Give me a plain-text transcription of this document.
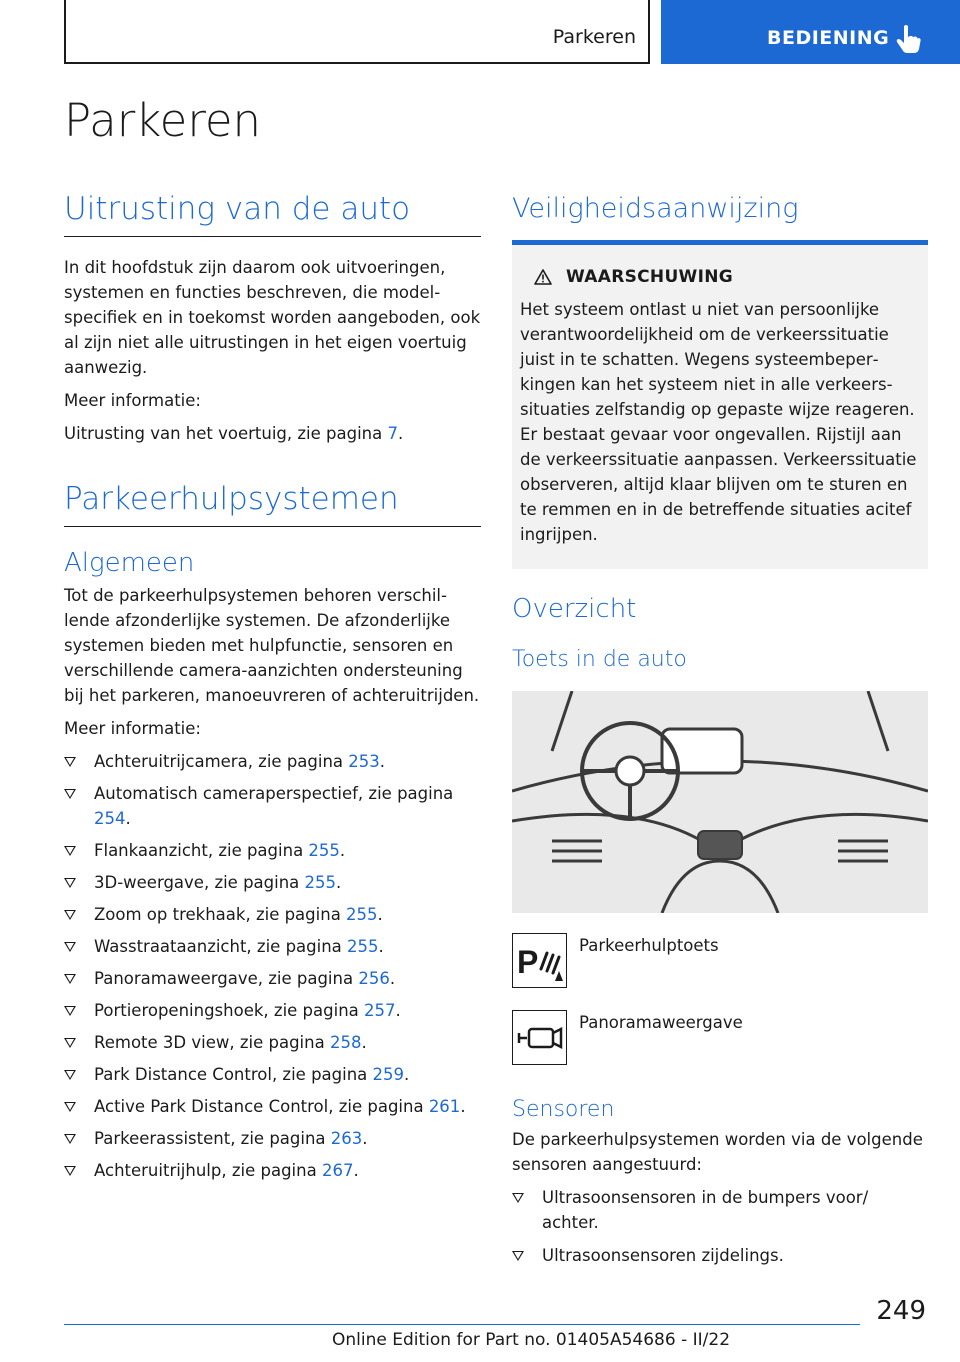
Parkeren	BEDIENING
Parkeren
Uitrusting van de auto
In dit hoofdstuk zijn daarom ook uitvoeringen, systemen en functies beschreven, die modelspecifiek en in toekomst worden aangeboden, ook al zijn niet alle uitrustingen in het eigen voertuig aanwezig.
Meer informatie:
Uitrusting van het voertuig, zie pagina 7.
Parkeerhulpsystemen
Algemeen
Tot de parkeerhulpsystemen behoren verschillende afzonderlijke systemen. De afzonderlijke systemen bieden met hulpfunctie, sensoren en verschillende camera-aanzichten ondersteuning bij het parkeren, manoeuvreren of achteruitrijden.
Meer informatie:
Achteruitrijcamera, zie pagina 253.
Automatisch cameraperspectief, zie pagina 254.
Flankaanzicht, zie pagina 255.
3D-weergave, zie pagina 255.
Zoom op trekhaak, zie pagina 255.
Wasstraataanzicht, zie pagina 255.
Panoramaweergave, zie pagina 256.
Portieropeningshoek, zie pagina 257.
Remote 3D view, zie pagina 258.
Park Distance Control, zie pagina 259.
Active Park Distance Control, zie pagina 261.
Parkeerassistent, zie pagina 263.
Achteruitrijhulp, zie pagina 267.
Veiligheidsaanwijzing
WAARSCHUWING
Het systeem ontlast u niet van persoonlijke verantwoordelijkheid om de verkeerssituatie juist in te schatten. Wegens systeembeperkingen kan het systeem niet in alle verkeerssituaties zelfstandig op gepaste wijze reageren. Er bestaat gevaar voor ongevallen. Rijstijl aan de verkeerssituatie aanpassen. Verkeerssituatie observeren, altijd klaar blijven om te sturen en te remmen en in de betreffende situaties acitef ingrijpen.
Overzicht
Toets in de auto
P Parkeerhulptoets
Panoramaweergave
Sensoren
De parkeerhulpsystemen worden via de volgende sensoren aangestuurd:
Ultrasoonsensoren in de bumpers voor/ achter.
Ultrasoonsensoren zijdelings.
249
Online Edition for Part no. 01405A54686 - II/22
